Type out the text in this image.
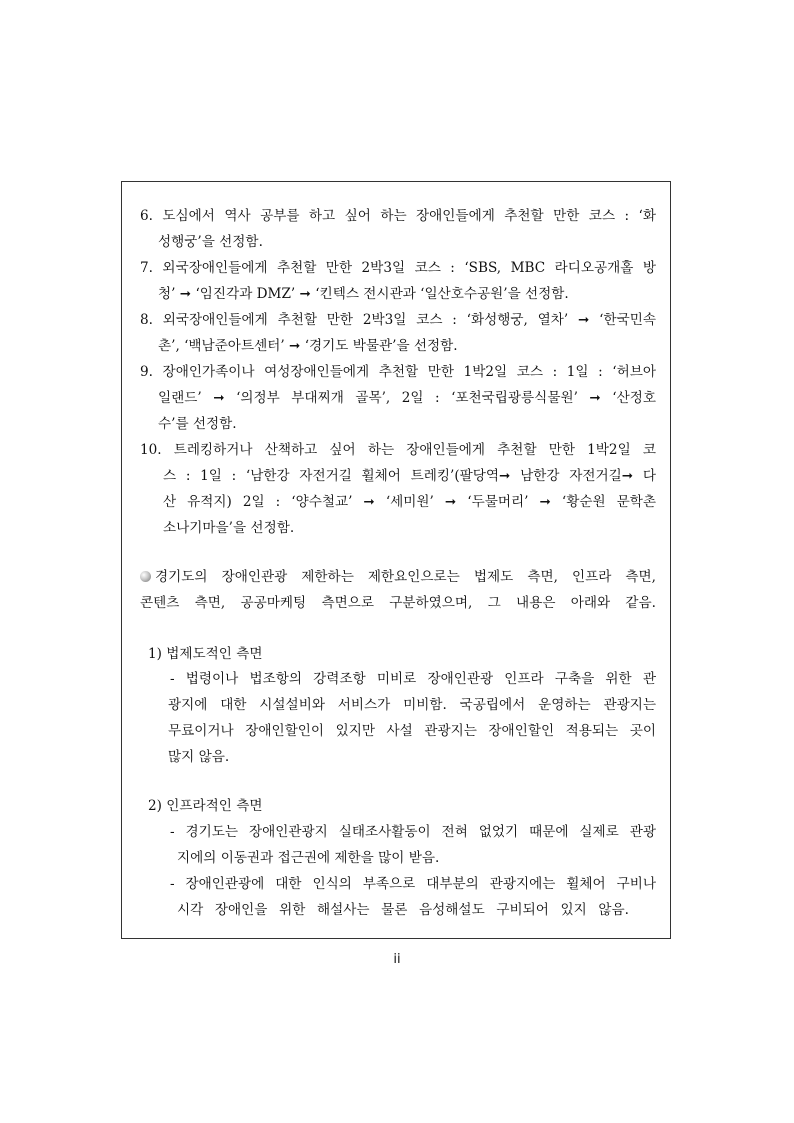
6. 도심에서 역사 공부를 하고 싶어 하는 장애인들에게 추천할 만한 코스 : ‘화
성행궁’을 선정함.
7. 외국장애인들에게 추천할 만한 2박3일 코스 : ‘SBS, MBC 라디오공개홀 방
청’ ➞ ‘임진각과 DMZ’ ➞ ‘킨텍스 전시관과 ‘일산호수공원’을 선정함.
8. 외국장애인들에게 추천할 만한 2박3일 코스 : ‘화성행궁, 열차’ ➞ ‘한국민속
촌’, ‘백남준아트센터’ ➞ ‘경기도 박물관’을 선정함.
9. 장애인가족이나 여성장애인들에게 추천할 만한 1박2일 코스 : 1일 : ‘허브아
일랜드’ ➞ ‘의정부 부대찌개 골목’, 2일 : ‘포천국립광릉식물원’ ➞ ‘산정호
수’를 선정함.
10. 트레킹하거나 산책하고 싶어 하는 장애인들에게 추천할 만한 1박2일 코
스 : 1일 : ‘남한강 자전거길 휠체어 트레킹’(팔당역➞ 남한강 자전거길➞ 다
산 유적지) 2일 : ‘양수철교’ ➞ ‘세미원’ ➞ ‘두물머리’ ➞ ‘황순원 문학촌
소나기마을’을 선정함.
경기도의 장애인관광 제한하는 제한요인으로는 법제도 측면, 인프라 측면,
콘텐츠 측면, 공공마케팅 측면으로 구분하였으며, 그 내용은 아래와 같음.
1) 법제도적인 측면
- 법령이나 법조항의 강력조항 미비로 장애인관광 인프라 구축을 위한 관
광지에 대한 시설설비와 서비스가 미비함. 국공립에서 운영하는 관광지는
무료이거나 장애인할인이 있지만 사설 관광지는 장애인할인 적용되는 곳이
많지 않음.
2) 인프라적인 측면
- 경기도는 장애인관광지 실태조사활동이 전혀 없었기 때문에 실제로 관광
지에의 이동권과 접근권에 제한을 많이 받음.
- 장애인관광에 대한 인식의 부족으로 대부분의 관광지에는 휠체어 구비나
시각 장애인을 위한 해설사는 물론 음성해설도 구비되어 있지 않음.
ii
